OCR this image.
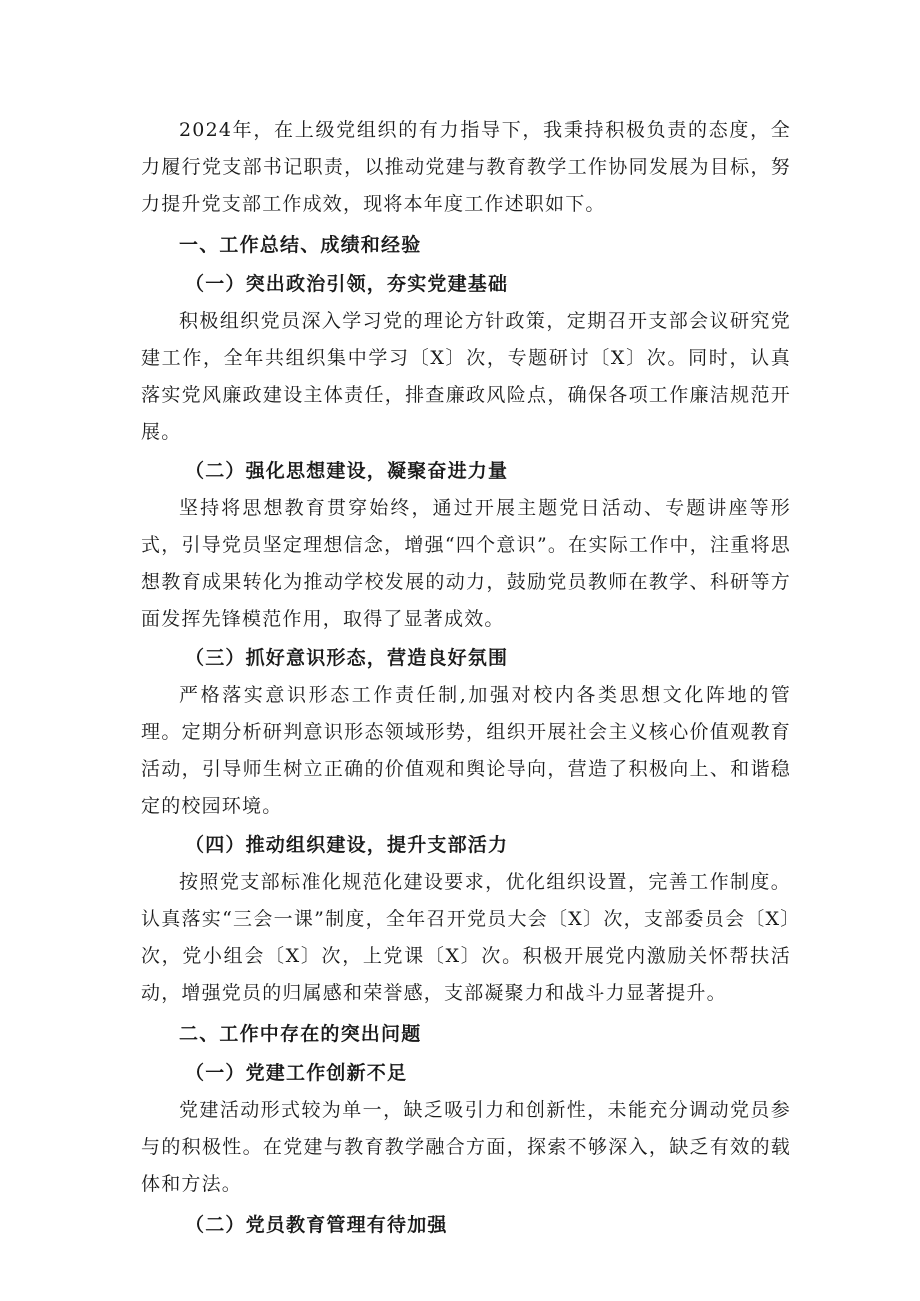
2024年，在上级党组织的有力指导下，我秉持积极负责的态度，全力履行党支部书记职责，以推动党建与教育教学工作协同发展为目标，努力提升党支部工作成效，现将本年度工作述职如下。

一、工作总结、成绩和经验

（一）突出政治引领，夯实党建基础

积极组织党员深入学习党的理论方针政策，定期召开支部会议研究党建工作，全年共组织集中学习〔X〕次，专题研讨〔X〕次。同时，认真落实党风廉政建设主体责任，排查廉政风险点，确保各项工作廉洁规范开展。

（二）强化思想建设，凝聚奋进力量

坚持将思想教育贯穿始终，通过开展主题党日活动、专题讲座等形式，引导党员坚定理想信念，增强“四个意识”。在实际工作中，注重将思想教育成果转化为推动学校发展的动力，鼓励党员教师在教学、科研等方面发挥先锋模范作用，取得了显著成效。

（三）抓好意识形态，营造良好氛围

严格落实意识形态工作责任制,加强对校内各类思想文化阵地的管理。定期分析研判意识形态领域形势，组织开展社会主义核心价值观教育活动，引导师生树立正确的价值观和舆论导向，营造了积极向上、和谐稳定的校园环境。

（四）推动组织建设，提升支部活力

按照党支部标准化规范化建设要求，优化组织设置，完善工作制度。认真落实“三会一课”制度，全年召开党员大会〔X〕次，支部委员会〔X〕次，党小组会〔X〕次，上党课〔X〕次。积极开展党内激励关怀帮扶活动，增强党员的归属感和荣誉感，支部凝聚力和战斗力显著提升。

二、工作中存在的突出问题

（一）党建工作创新不足

党建活动形式较为单一，缺乏吸引力和创新性，未能充分调动党员参与的积极性。在党建与教育教学融合方面，探索不够深入，缺乏有效的载体和方法。

（二）党员教育管理有待加强
